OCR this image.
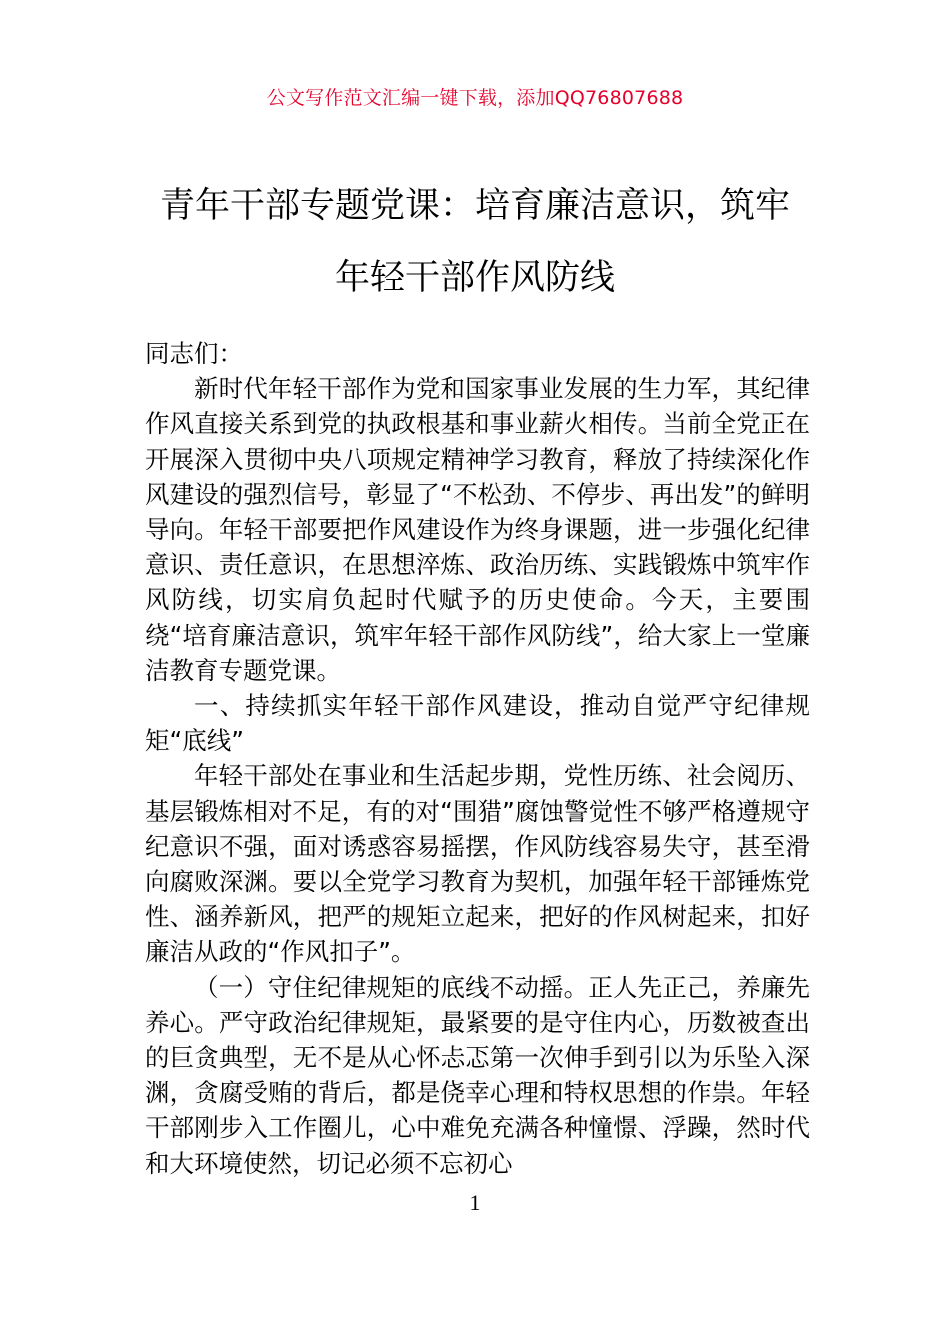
公文写作范文汇编一键下载，添加QQ76807688
青年干部专题党课：培育廉洁意识，筑牢
年轻干部作风防线

同志们：

新时代年轻干部作为党和国家事业发展的生力军，其纪律作风直接关系到党的执政根基和事业薪火相传。当前全党正在开展深入贯彻中央八项规定精神学习教育，释放了持续深化作风建设的强烈信号，彰显了“不松劲、不停步、再出发”的鲜明导向。年轻干部要把作风建设作为终身课题，进一步强化纪律意识、责任意识，在思想淬炼、政治历练、实践锻炼中筑牢作风防线，切实肩负起时代赋予的历史使命。今天，主要围绕“培育廉洁意识，筑牢年轻干部作风防线”，给大家上一堂廉洁教育专题党课。

一、持续抓实年轻干部作风建设，推动自觉严守纪律规矩“底线”

年轻干部处在事业和生活起步期，党性历练、社会阅历、基层锻炼相对不足，有的对“围猎”腐蚀警觉性不够严格遵规守纪意识不强，面对诱惑容易摇摆，作风防线容易失守，甚至滑向腐败深渊。要以全党学习教育为契机，加强年轻干部锤炼党性、涵养新风，把严的规矩立起来，把好的作风树起来，扣好廉洁从政的“作风扣子”。

（一）守住纪律规矩的底线不动摇。正人先正己，养廉先养心。严守政治纪律规矩，最紧要的是守住内心，历数被查出的巨贪典型，无不是从心怀忐忑第一次伸手到引以为乐坠入深渊，贪腐受贿的背后，都是侥幸心理和特权思想的作祟。年轻干部刚步入工作圈儿，心中难免充满各种憧憬、浮躁，然时代和大环境使然，切记必须不忘初心

1
